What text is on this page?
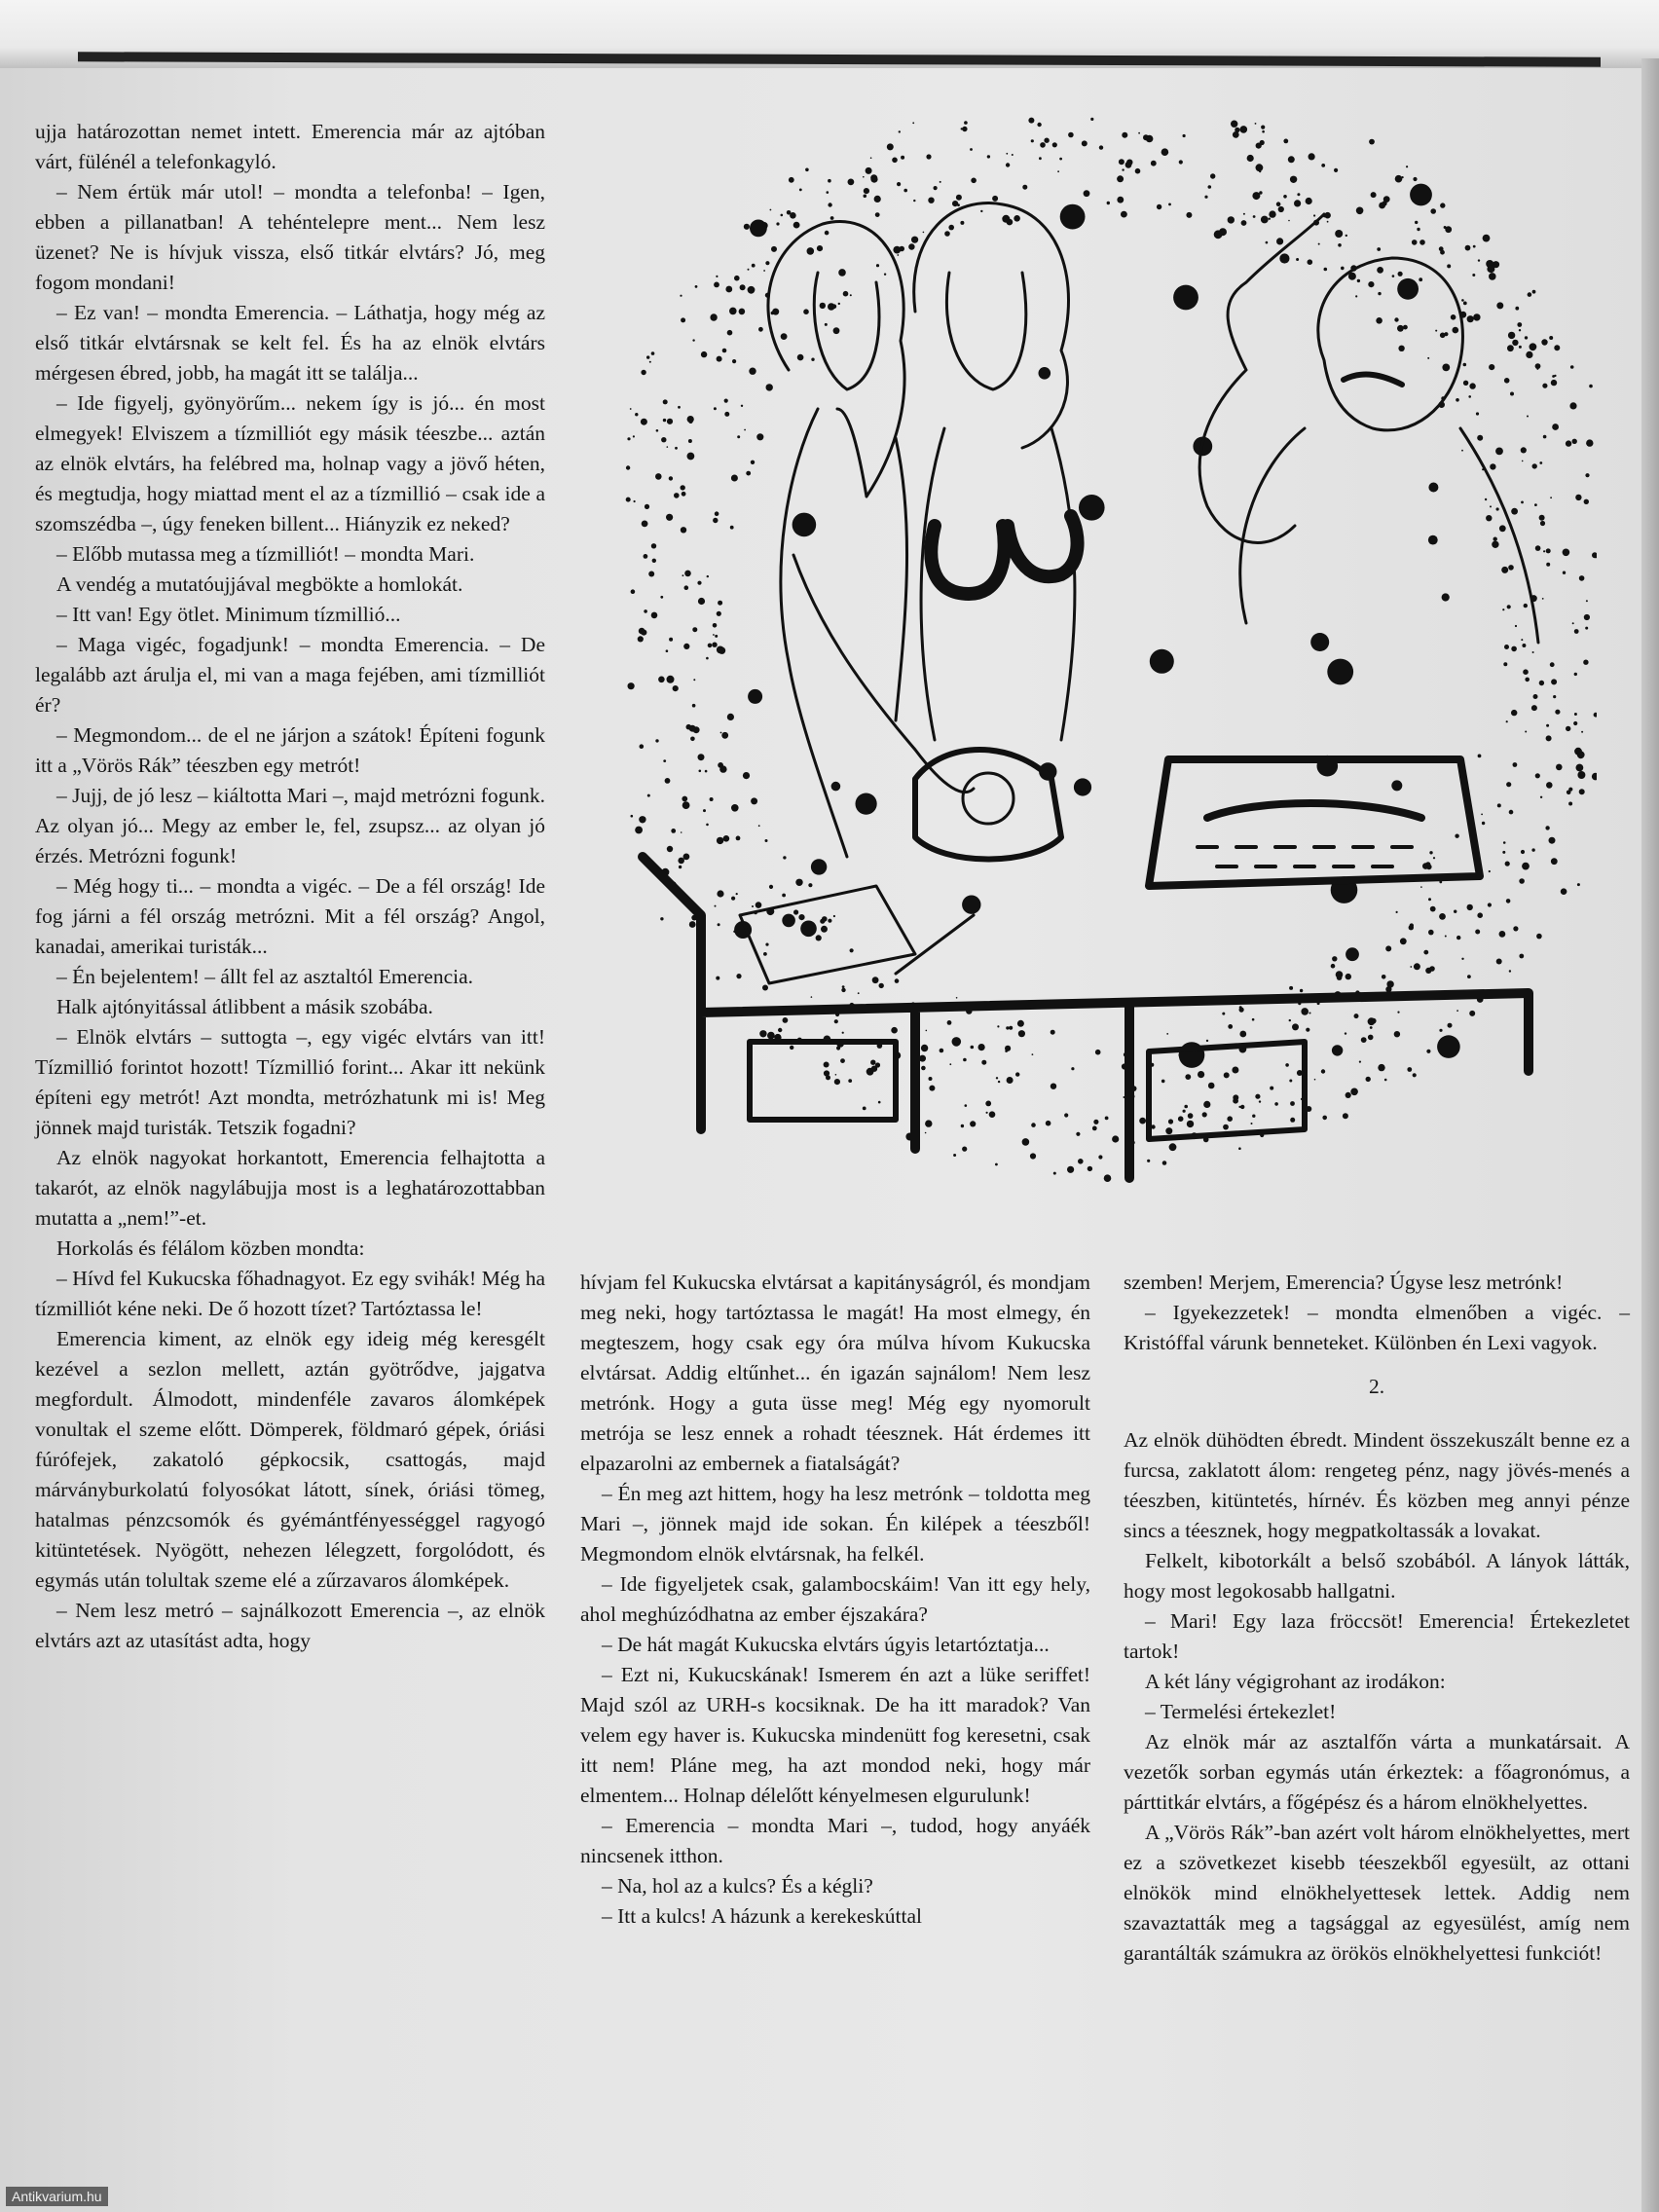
ujja határozottan nemet intett. Emerencia már az ajtóban várt, fülénél a telefonkagyló.

– Nem értük már utol! – mondta a telefonba! – Igen, ebben a pillanatban! A tehéntelepre ment... Nem lesz üzenet? Ne is hívjuk vissza, első titkár elvtárs? Jó, meg fogom mondani!

– Ez van! – mondta Emerencia. – Láthatja, hogy még az első titkár elvtársnak se kelt fel. És ha az elnök elvtárs mérgesen ébred, jobb, ha magát itt se találja...

– Ide figyelj, gyönyörűm... nekem így is jó... én most elmegyek! Elviszem a tízmilliót egy másik téeszbe... aztán az elnök elvtárs, ha felébred ma, holnap vagy a jövő héten, és megtudja, hogy miattad ment el az a tízmillió – csak ide a szomszédba –, úgy feneken billent... Hiányzik ez neked?

– Előbb mutassa meg a tízmilliót! – mondta Mari.

A vendég a mutatóujjával megbökte a homlokát.

– Itt van! Egy ötlet. Minimum tízmillió...

– Maga vigéc, fogadjunk! – mondta Emerencia. – De legalább azt árulja el, mi van a maga fejében, ami tízmilliót ér?

– Megmondom... de el ne járjon a szátok! Építeni fogunk itt a „Vörös Rák” téeszben egy metrót!

– Jujj, de jó lesz – kiáltotta Mari –, majd metrózni fogunk. Az olyan jó... Megy az ember le, fel, zsupsz... az olyan jó érzés. Metrózni fogunk!

– Még hogy ti... – mondta a vigéc. – De a fél ország! Ide fog járni a fél ország metrózni. Mit a fél ország? Angol, kanadai, amerikai turisták...

– Én bejelentem! – állt fel az asztaltól Emerencia.

Halk ajtónyitással átlibbent a másik szobába.

– Elnök elvtárs – suttogta –, egy vigéc elvtárs van itt! Tízmillió forintot hozott! Tízmillió forint... Akar itt nekünk építeni egy metrót! Azt mondta, metrózhatunk mi is! Meg jönnek majd turisták. Tetszik fogadni?

Az elnök nagyokat horkantott, Emerencia felhajtotta a takarót, az elnök nagylábujja most is a leghatározottabban mutatta a „nem!”-et.

Horkolás és félálom közben mondta:

– Hívd fel Kukucska főhadnagyot. Ez egy svihák! Még ha tízmilliót kéne neki. De ő hozott tízet? Tartóztassa le!

Emerencia kiment, az elnök egy ideig még keresgélt kezével a sezlon mellett, aztán gyötrődve, jajgatva megfordult. Álmodott, mindenféle zavaros álomképek vonultak el szeme előtt. Dömperek, földmaró gépek, óriási fúrófejek, zakatoló gépkocsik, csattogás, majd márványburkolatú folyosókat látott, sínek, óriási tömeg, hatalmas pénzcsomók és gyémántfényességgel ragyogó kitüntetések. Nyögött, nehezen lélegzett, forgolódott, és egymás után tolultak szeme elé a zűrzavaros álomképek.

– Nem lesz metró – sajnálkozott Emerencia –, az elnök elvtárs azt az utasítást adta, hogy

hívjam fel Kukucska elvtársat a kapitányságról, és mondjam meg neki, hogy tartóztassa le magát! Ha most elmegy, én megteszem, hogy csak egy óra múlva hívom Kukucska elvtársat. Addig eltűnhet... én igazán sajnálom! Nem lesz metrónk. Hogy a guta üsse meg! Még egy nyomorult metrója se lesz ennek a rohadt téesznek. Hát érdemes itt elpazarolni az embernek a fiatalságát?

– Én meg azt hittem, hogy ha lesz metrónk – toldotta meg Mari –, jönnek majd ide sokan. Én kilépek a téeszből! Megmondom elnök elvtársnak, ha felkél.

– Ide figyeljetek csak, galambocskáim! Van itt egy hely, ahol meghúzódhatna az ember éjszakára?

– De hát magát Kukucska elvtárs úgyis letartóztatja...

– Ezt ni, Kukucskának! Ismerem én azt a lüke seriffet! Majd szól az URH-s kocsiknak. De ha itt maradok? Van velem egy haver is. Kukucska mindenütt fog keresetni, csak itt nem! Pláne meg, ha azt mondod neki, hogy már elmentem... Holnap délelőtt kényelmesen elgurulunk!

– Emerencia – mondta Mari –, tudod, hogy anyáék nincsenek itthon.

– Na, hol az a kulcs? És a kégli?

– Itt a kulcs! A házunk a kerekeskúttal

szemben! Merjem, Emerencia? Úgyse lesz metrónk!

– Igyekezzetek! – mondta elmenőben a vigéc. – Kristóffal várunk benneteket. Különben én Lexi vagyok.

2.

Az elnök dühödten ébredt. Mindent összekuszált benne ez a furcsa, zaklatott álom: rengeteg pénz, nagy jövés-menés a téeszben, kitüntetés, hírnév. És közben meg annyi pénze sincs a téesznek, hogy megpatkoltassák a lovakat.

Felkelt, kibotorkált a belső szobából. A lányok látták, hogy most legokosabb hallgatni.

– Mari! Egy laza fröccsöt! Emerencia! Értekezletet tartok!

A két lány végigrohant az irodákon:

– Termelési értekezlet!

Az elnök már az asztalfőn várta a munkatársait. A vezetők sorban egymás után érkeztek: a főagronómus, a párttitkár elvtárs, a főgépész és a három elnökhelyettes.

A „Vörös Rák”-ban azért volt három elnökhelyettes, mert ez a szövetkezet kisebb téeszekből egyesült, az ottani elnökök mind elnökhelyettesek lettek. Addig nem szavaztatták meg a tagsággal az egyesülést, amíg nem garantálták számukra az örökös elnökhelyettesi funkciót!

Antikvarium.hu
